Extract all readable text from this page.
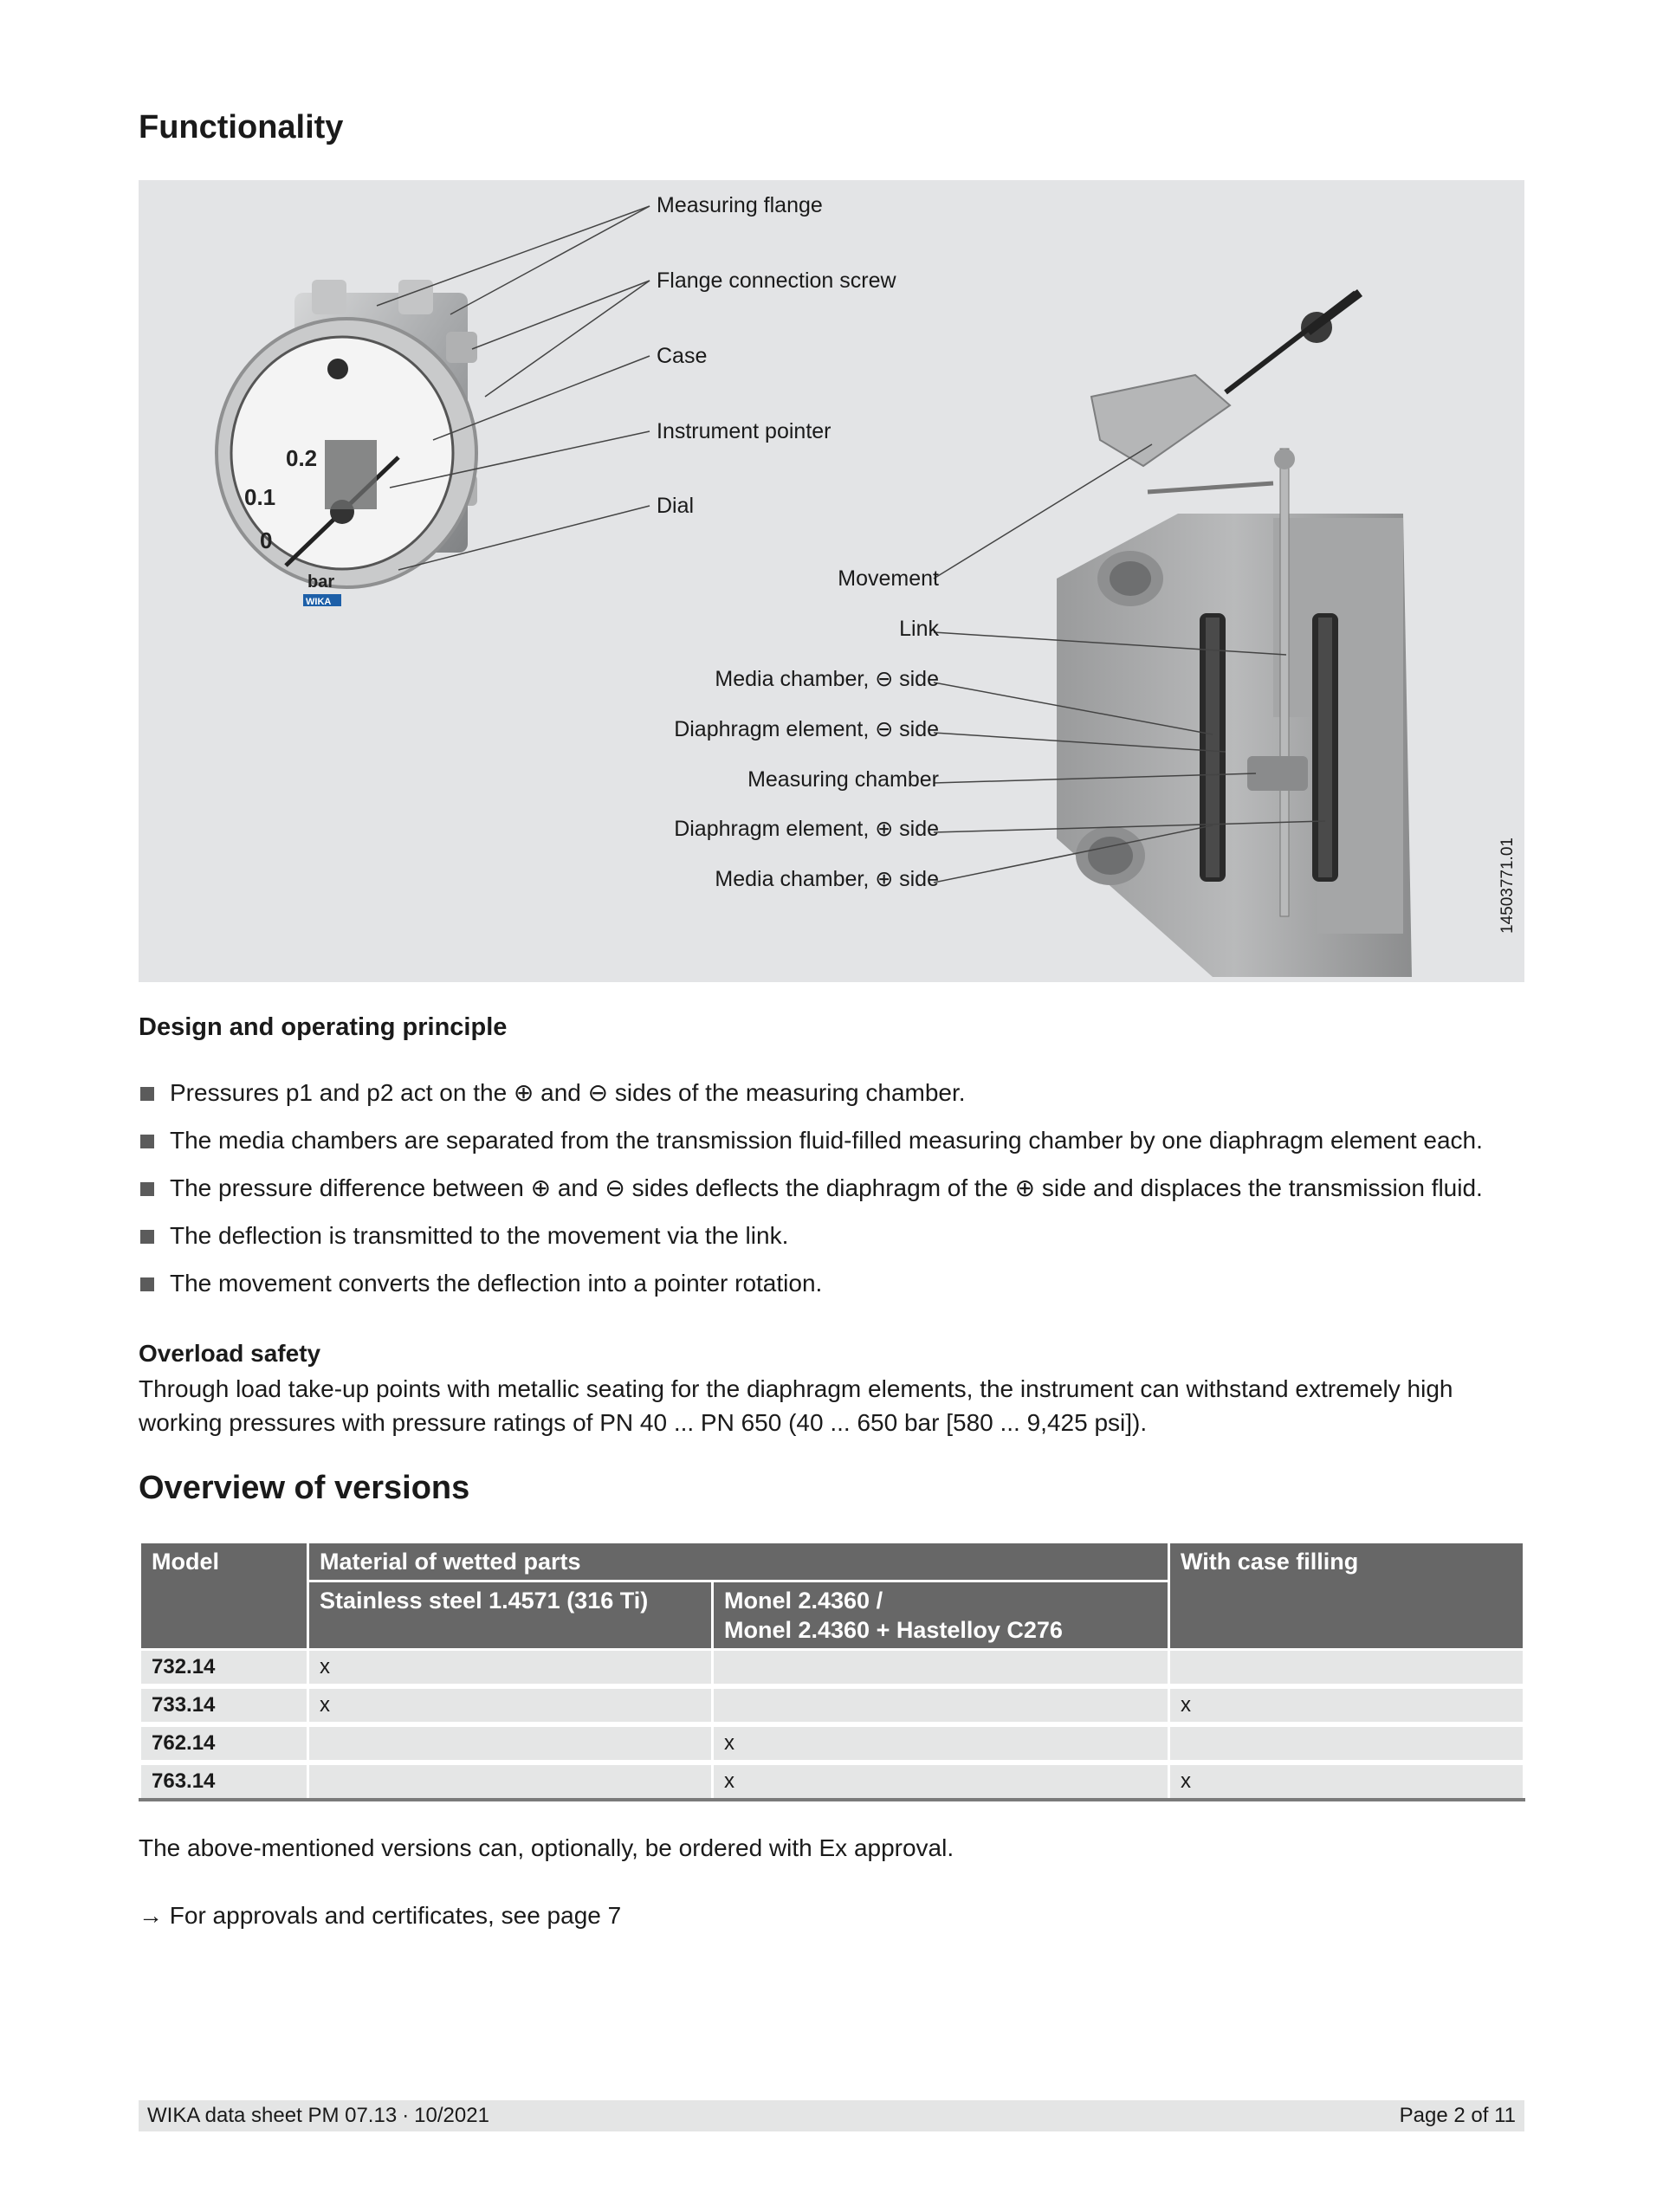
Functionality
0.2
0.1
0
bar
WIKA
Measuring flange
Flange connection screw
Case
Instrument pointer
Dial
Movement
Link
Media chamber, ⊖ side
Diaphragm element, ⊖ side
Measuring chamber
Diaphragm element, ⊕ side
Media chamber, ⊕ side	14503771.01
Design and operating principle
Pressures p1 and p2 act on the ⊕ and ⊖ sides of the measuring chamber.
The media chambers are separated from the transmission fluid-filled measuring chamber by one diaphragm element each.
The pressure difference between ⊕ and ⊖ sides deflects the diaphragm of the ⊕ side and displaces the transmission fluid.
The deflection is transmitted to the movement via the link.
The movement converts the deflection into a pointer rotation.
Overload safety
Through load take-up points with metallic seating for the diaphragm elements, the instrument can withstand extremely high working pressures with pressure ratings of PN 40 ... PN 650 (40 ... 650 bar [580 ... 9,425 psi]).
Overview of versions
Model	Material of wetted parts		With case filling
	Stainless steel 1.4571 (316 Ti)	Monel 2.4360 /
Monel 2.4360 + Hastelloy C276	
732.14	x		
733.14	x		x
762.14		x	
763.14		x	x
The above-mentioned versions can, optionally, be ordered with Ex approval.
→ For approvals and certificates, see page 7
WIKA data sheet PM 07.13 ∙ 10/2021	Page 2 of 11
